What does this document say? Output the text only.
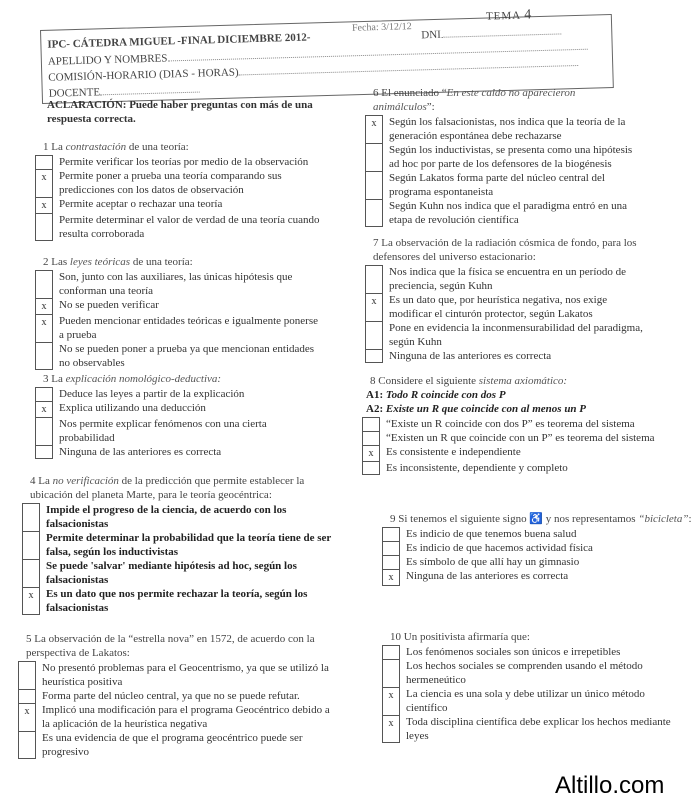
IPC- CÁTEDRA MIGUEL -FINAL DICIEMBRE 2012-	DNI
APELLIDO Y NOMBRES
COMISIÓN-HORARIO (DIAS - HORAS)
DOCENTE
Fecha: 3/12/12
TEMA 4
ACLARACIÓN: Puede haber preguntas con más de una respuesta correcta.
1 La contrastación de una teoría:
Permite verificar los teorías por medio de la observación
x	Permite poner a prueba una teoría comparando sus predicciones con los datos de observación
x	Permite aceptar o rechazar una teoría
Permite determinar el valor de verdad de una teoría cuando resulta corroborada
2 Las leyes teóricas de una teoría:
Son, junto con las auxiliares, las únicas hipótesis que conforman una teoría
x	No se pueden verificar
x	Pueden mencionar entidades teóricas e igualmente ponerse a prueba
No se pueden poner a prueba ya que mencionan entidades no observables
3 La explicación nomológico-deductiva:
Deduce las leyes a partir de la explicación
x	Explica utilizando una deducción
Nos permite explicar fenómenos con una cierta probabilidad
Ninguna de las anteriores es correcta
4 La no verificación de la predicción que permite establecer la ubicación del planeta Marte, para le teoría geocéntrica:
Impide el progreso de la ciencia, de acuerdo con los falsacionistas
Permite determinar la probabilidad que la teoría tiene de ser falsa, según los inductivistas
Se puede 'salvar' mediante hipótesis ad hoc, según los falsacionistas
x	Es un dato que nos permite rechazar la teoría, según los falsacionistas
5 La observación de la “estrella nova” en 1572, de acuerdo con la perspectiva de Lakatos:
No presentó problemas para el Geocentrismo, ya que se utilizó la heurística positiva
Forma parte del núcleo central, ya que no se puede refutar.
x	Implicó una modificación para el programa Geocéntrico debido a la aplicación de la heurística negativa
Es una evidencia de que el programa geocéntrico puede ser progresivo
6 El enunciado “En este caldo no aparecieron animálculos”:
x	Según los falsacionistas, nos indica que la teoría de la generación espontánea debe rechazarse
Según los inductivistas, se presenta como una hipótesis ad hoc por parte de los defensores de la biogénesis
Según Lakatos forma parte del núcleo central del programa espontaneista
Según Kuhn nos indica que el paradigma entró en una etapa de revolución científica
7 La observación de la radiación cósmica de fondo, para los defensores del universo estacionario:
Nos indica que la física se encuentra en un período de preciencia, según Kuhn
x	Es un dato que, por heurística negativa, nos exige modificar el cinturón protector, según Lakatos
Pone en evidencia la inconmensurabilidad del paradigma, según Kuhn
Ninguna de las anteriores es correcta
8 Considere el siguiente sistema axiomático:
A1: Todo R coincide con dos P
A2: Existe un R que coincide con al menos un P
“Existe un R coincide con dos P” es teorema del sistema
“Existen un R que coincide con un P” es teorema del sistema
x	Es consistente e independiente
Es inconsistente, dependiente y completo
9 Si tenemos el siguiente signo ♿ y nos representamos “bicicleta”:
Es indicio de que tenemos buena salud
Es indicio de que hacemos actividad física
Es símbolo de que allí hay un gimnasio
x	Ninguna de las anteriores es correcta
10 Un positivista afirmaría que:
Los fenómenos sociales son únicos e irrepetibles
Los hechos sociales se comprenden usando el método hermeneútico
x	La ciencia es una sola y debe utilizar un único método científico
x	Toda disciplina científica debe explicar los hechos mediante leyes
Altillo.com
